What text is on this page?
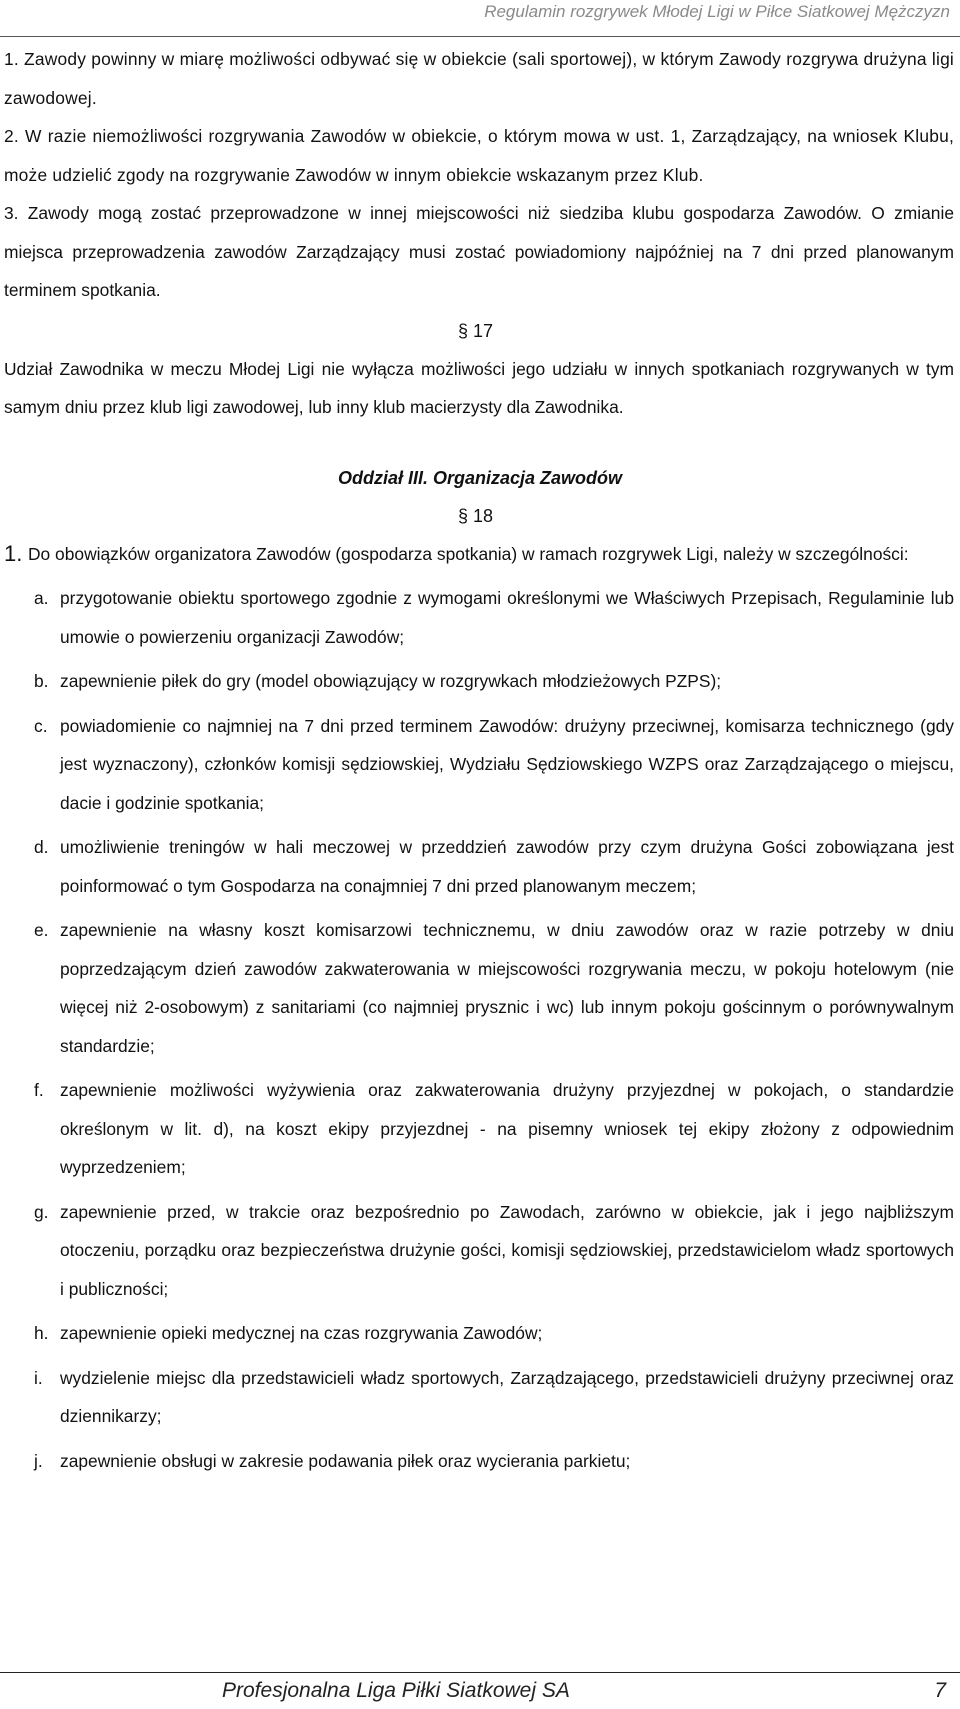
Regulamin rozgrywek Młodej Ligi w Piłce Siatkowej Mężczyzn
1. Zawody powinny w miarę możliwości odbywać się w obiekcie (sali sportowej), w którym Zawody rozgrywa drużyna ligi zawodowej.
2. W razie niemożliwości rozgrywania Zawodów w obiekcie, o którym mowa w ust. 1, Zarządzający, na wniosek Klubu, może udzielić zgody na rozgrywanie Zawodów w innym obiekcie wskazanym przez Klub.
3. Zawody mogą zostać przeprowadzone w innej miejscowości niż siedziba klubu gospodarza Zawodów. O zmianie miejsca przeprowadzenia zawodów Zarządzający musi zostać powiadomiony najpóźniej na 7 dni przed planowanym terminem spotkania.
§ 17
Udział Zawodnika w meczu Młodej Ligi nie wyłącza możliwości jego udziału w innych spotkaniach rozgrywanych w tym samym dniu przez klub ligi zawodowej, lub inny klub macierzysty dla Zawodnika.
Oddział III. Organizacja Zawodów
§ 18
1. Do obowiązków organizatora Zawodów (gospodarza spotkania) w ramach rozgrywek Ligi, należy w szczególności:
a. przygotowanie obiektu sportowego zgodnie z wymogami określonymi we Właściwych Przepisach, Regulaminie lub umowie o powierzeniu organizacji Zawodów;
b. zapewnienie piłek do gry (model obowiązujący w rozgrywkach młodzieżowych PZPS);
c. powiadomienie co najmniej na 7 dni przed terminem Zawodów: drużyny przeciwnej, komisarza technicznego (gdy jest wyznaczony), członków komisji sędziowskiej, Wydziału Sędziowskiego WZPS oraz Zarządzającego o miejscu, dacie i godzinie spotkania;
d. umożliwienie treningów w hali meczowej w przeddzień zawodów przy czym drużyna Gości zobowiązana jest poinformować o tym Gospodarza na conajmniej 7 dni przed planowanym meczem;
e. zapewnienie na własny koszt komisarzowi technicznemu, w dniu zawodów oraz w razie potrzeby w dniu poprzedzającym dzień zawodów zakwaterowania w miejscowości rozgrywania meczu, w pokoju hotelowym (nie więcej niż 2-osobowym) z sanitariami (co najmniej prysznic i wc) lub innym pokoju gościnnym o porównywalnym standardzie;
f. zapewnienie możliwości wyżywienia oraz zakwaterowania drużyny przyjezdnej w pokojach, o standardzie określonym w lit. d), na koszt ekipy przyjezdnej - na pisemny wniosek tej ekipy złożony z odpowiednim wyprzedzeniem;
g. zapewnienie przed, w trakcie oraz bezpośrednio po Zawodach, zarówno w obiekcie, jak i jego najbliższym otoczeniu, porządku oraz bezpieczeństwa drużynie gości, komisji sędziowskiej, przedstawicielom władz sportowych i publiczności;
h. zapewnienie opieki medycznej na czas rozgrywania Zawodów;
i. wydzielenie miejsc dla przedstawicieli władz sportowych, Zarządzającego, przedstawicieli drużyny przeciwnej oraz dziennikarzy;
j. zapewnienie obsługi w zakresie podawania piłek oraz wycierania parkietu;
Profesjonalna Liga Piłki Siatkowej SA	7
